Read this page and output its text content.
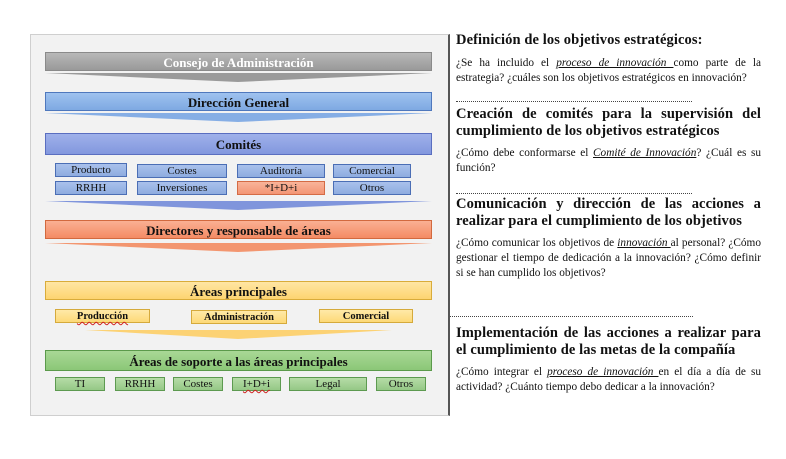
Consejo de Administración
Dirección General
Comités
Producto	Costes	Auditoría	Comercial
RRHH	Inversiones	*I+D+i	Otros
Directores y responsable de áreas
Áreas principales
Producción	Administración	Comercial
Áreas de soporte a las áreas principales
TI	RRHH	Costes	I+D+i	Legal	Otros
Definición de los objetivos estratégicos:

¿Se ha incluido el proceso de innovación como parte de la estrategia? ¿cuáles son los objetivos estratégicos en innovación?

Creación de comités para la supervisión del cumplimiento de los objetivos estratégicos

¿Cómo debe conformarse el Comité de Innovación? ¿Cuál es su función?

Comunicación y dirección de las acciones a realizar para el cumplimiento de los objetivos

¿Cómo comunicar los objetivos de innovación al personal? ¿Cómo gestionar el tiempo de dedicación a la innovación? ¿Cómo definir si se han cumplido los objetivos?

Implementación de las acciones a realizar para el cumplimiento de las metas de la compañía

¿Cómo integrar el proceso de innovación en el día a día de su actividad? ¿Cuánto tiempo debo dedicar a la innovación?
